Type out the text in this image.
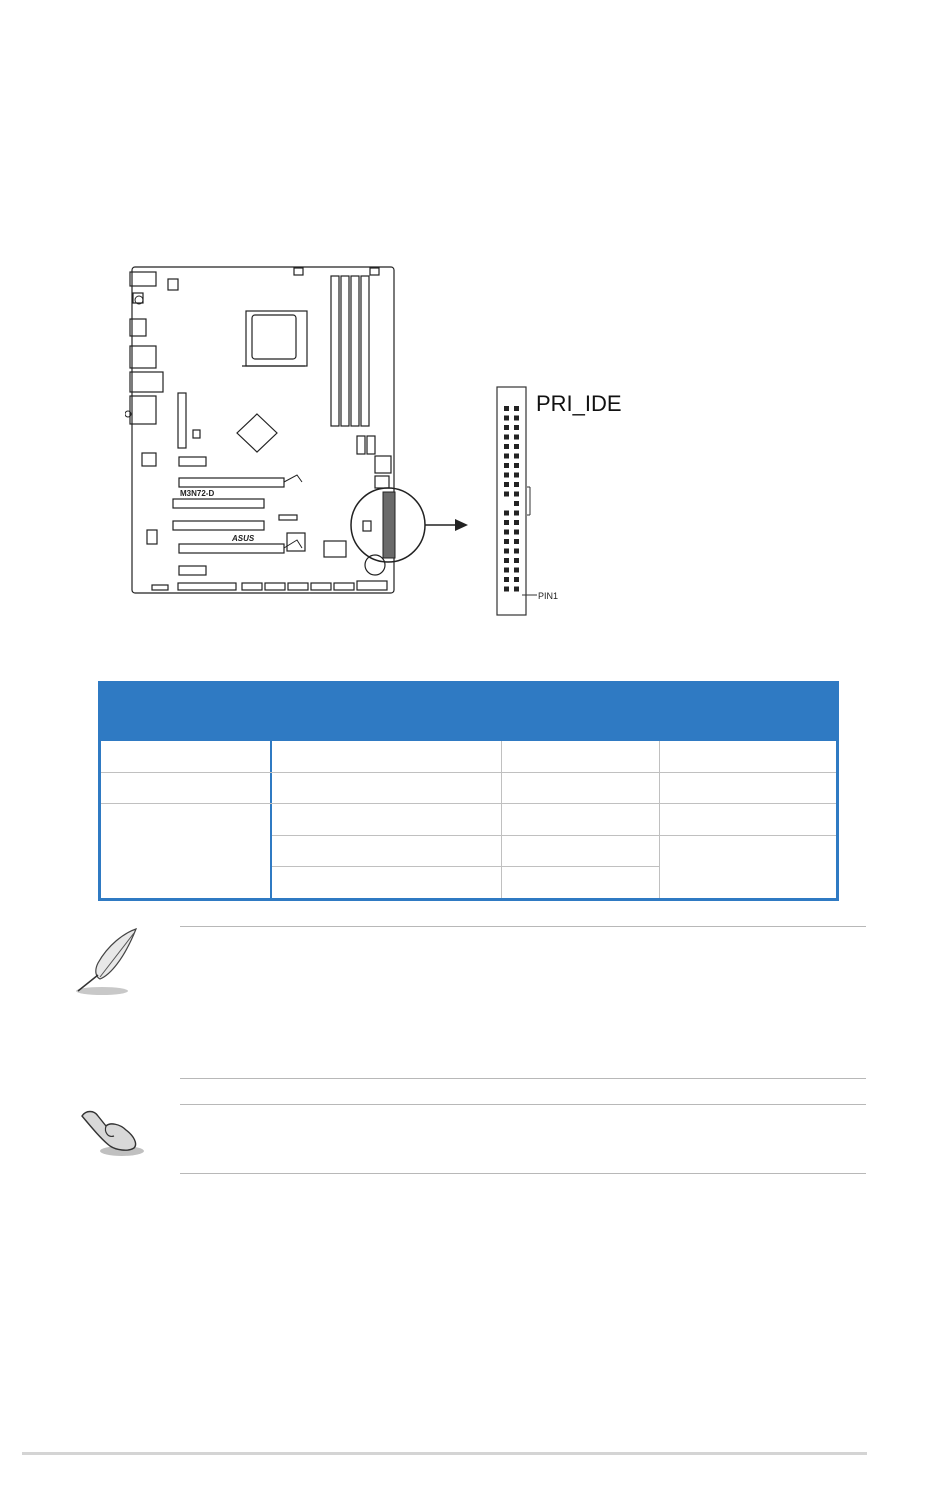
M3N72-D
ASUS
PIN1
PRI_IDE
